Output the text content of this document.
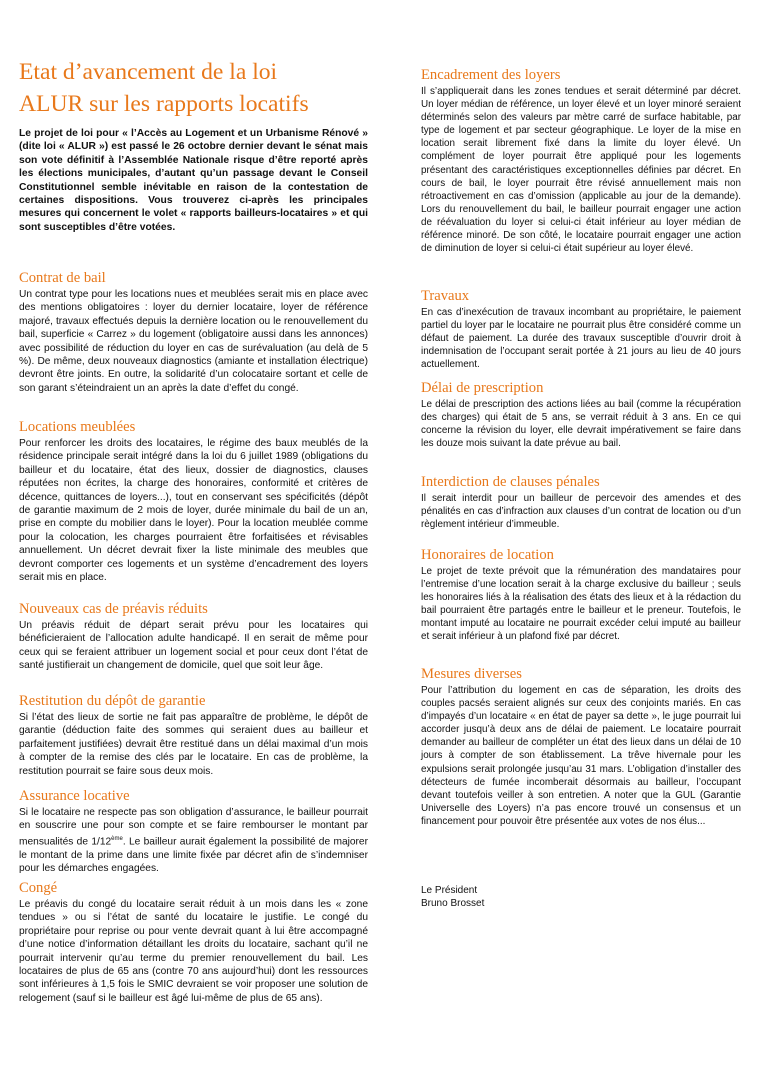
Etat d’avancement de la loi
ALUR sur les rapports locatifs

Le projet de loi pour « l’Accès au Logement et un Urbanisme Rénové » (dite loi « ALUR ») est passé le 26 octobre dernier devant le sénat mais son vote définitif à l’Assemblée Nationale risque d’être reporté après les élections municipales, d’autant qu’un passage devant le Conseil Constitutionnel semble inévitable en raison de la contestation de certaines dispositions. Vous trouverez ci-après les principales mesures qui concernent le volet « rapports bailleurs-locataires » et qui sont susceptibles d’être votées.

Contrat de bail

Un contrat type pour les locations nues et meublées serait mis en place avec des mentions obligatoires : loyer du dernier locataire, loyer de référence majoré, travaux effectués depuis la dernière location ou le renouvellement du bail, superficie « Carrez » du logement (obligatoire aussi dans les annonces) avec possibilité de réduction du loyer en cas de surévaluation (au delà de 5 %). De même, deux nouveaux diagnostics (amiante et installation électrique) devront être joints. En outre, la solidarité d’un colocataire sortant et celle de son garant s’éteindraient un an après la date d’effet du congé.

Locations meublées

Pour renforcer les droits des locataires, le régime des baux meublés de la résidence principale serait intégré dans la loi du 6 juillet 1989 (obligations du bailleur et du locataire, état des lieux, dossier de diagnostics, clauses réputées non écrites, la charge des honoraires, conformité et critères de décence, quittances de loyers...), tout en conservant ses spécificités (dépôt de garantie maximum de 2 mois de loyer, durée minimale du bail de un an, prise en compte du mobilier dans le loyer). Pour la location meublée comme pour la colocation, les charges pourraient être forfaitisées et révisables annuellement. Un décret devrait fixer la liste minimale des meubles que devront comporter ces logements et un système d’encadrement des loyers serait mis en place.

Nouveaux cas de préavis réduits

Un préavis réduit de départ serait prévu pour les locataires qui bénéficieraient de l’allocation adulte handicapé. Il en serait de même pour ceux qui se feraient attribuer un logement social et pour ceux dont l’état de santé justifierait un changement de domicile, quel que soit leur âge.

Restitution du dépôt de garantie

Si l’état des lieux de sortie ne fait pas apparaître de problème, le dépôt de garantie (déduction faite des sommes qui seraient dues au bailleur et parfaitement justifiées) devrait être restitué dans un délai maximal d’un mois à compter de la remise des clés par le locataire. En cas de problème, la restitution pourrait se faire sous deux mois.

Assurance locative

Si le locataire ne respecte pas son obligation d’assurance, le bailleur pourrait en souscrire une pour son compte et se faire rembourser le montant par mensualités de 1/12ème. Le bailleur aurait également la possibilité de majorer le montant de la prime dans une limite fixée par décret afin de s’indemniser pour les démarches engagées.

Congé

Le préavis du congé du locataire serait réduit à un mois dans les « zone tendues » ou si l’état de santé du locataire le justifie. Le congé du propriétaire pour reprise ou pour vente devrait quant à lui être accompagné d’une notice d’information détaillant les droits du locataire, sachant qu’il ne pourrait intervenir qu’au terme du premier renouvellement du bail. Les locataires de plus de 65 ans (contre 70 ans aujourd’hui) dont les ressources sont inférieures à 1,5 fois le SMIC devraient se voir proposer une solution de relogement (sauf si le bailleur est âgé lui-même de plus de 65 ans).

Encadrement des loyers

Il s’appliquerait dans les zones tendues et serait déterminé par décret. Un loyer médian de référence, un loyer élevé et un loyer minoré seraient déterminés selon des valeurs par mètre carré de surface habitable, par type de logement et par secteur géographique. Le loyer de la mise en location serait librement fixé dans la limite du loyer élevé. Un complément de loyer pourrait être appliqué pour les logements présentant des caractéristiques exceptionnelles définies par décret. En cours de bail, le loyer pourrait être révisé annuellement mais non rétroactivement en cas d’omission (applicable au jour de la demande). Lors du renouvellement du bail, le bailleur pourrait engager une action de réévaluation du loyer si celui-ci était inférieur au loyer médian de référence minoré. De son côté, le locataire pourrait engager une action de diminution de loyer si celui-ci était supérieur au loyer élevé.

Travaux

En cas d’inexécution de travaux incombant au propriétaire, le paiement partiel du loyer par le locataire ne pourrait plus être considéré comme un défaut de paiement. La durée des travaux susceptible d’ouvrir droit à indemnisation de l’occupant serait portée à 21 jours au lieu de 40 jours actuellement.

Délai de prescription

Le délai de prescription des actions liées au bail (comme la récupération des charges) qui était de 5 ans, se verrait réduit à 3 ans. En ce qui concerne la révision du loyer, elle devrait impérativement se faire dans les douze mois suivant la date prévue au bail.

Interdiction de clauses pénales

Il serait interdit pour un bailleur de percevoir des amendes et des pénalités en cas d’infraction aux clauses d’un contrat de location ou d’un règlement intérieur d’immeuble.

Honoraires de location

Le projet de texte prévoit que la rémunération des mandataires pour l’entremise d’une location serait à la charge exclusive du bailleur ; seuls les honoraires liés à la réalisation des états des lieux et à la rédaction du bail pourraient être partagés entre le bailleur et le preneur. Toutefois, le montant imputé au locataire ne pourrait excéder celui imputé au bailleur et serait inférieur à un plafond fixé par décret.

Mesures diverses

Pour l’attribution du logement en cas de séparation, les droits des couples pacsés seraient alignés sur ceux des conjoints mariés. En cas d’impayés d’un locataire « en état de payer sa dette », le juge pourrait lui accorder jusqu’à deux ans de délai de paiement. Le locataire pourrait demander au bailleur de compléter un état des lieux dans un délai de 10 jours à compter de son établissement. La trêve hivernale pour les expulsions serait prolongée jusqu’au 31 mars. L’obligation d’installer des détecteurs de fumée incomberait désormais au bailleur, l’occupant devant toutefois veiller à son entretien. A noter que la GUL (Garantie Universelle des Loyers) n’a pas encore trouvé un consensus et un financement pour pouvoir être présentée aux votes de nos élus...

Le Président
Bruno Brosset
